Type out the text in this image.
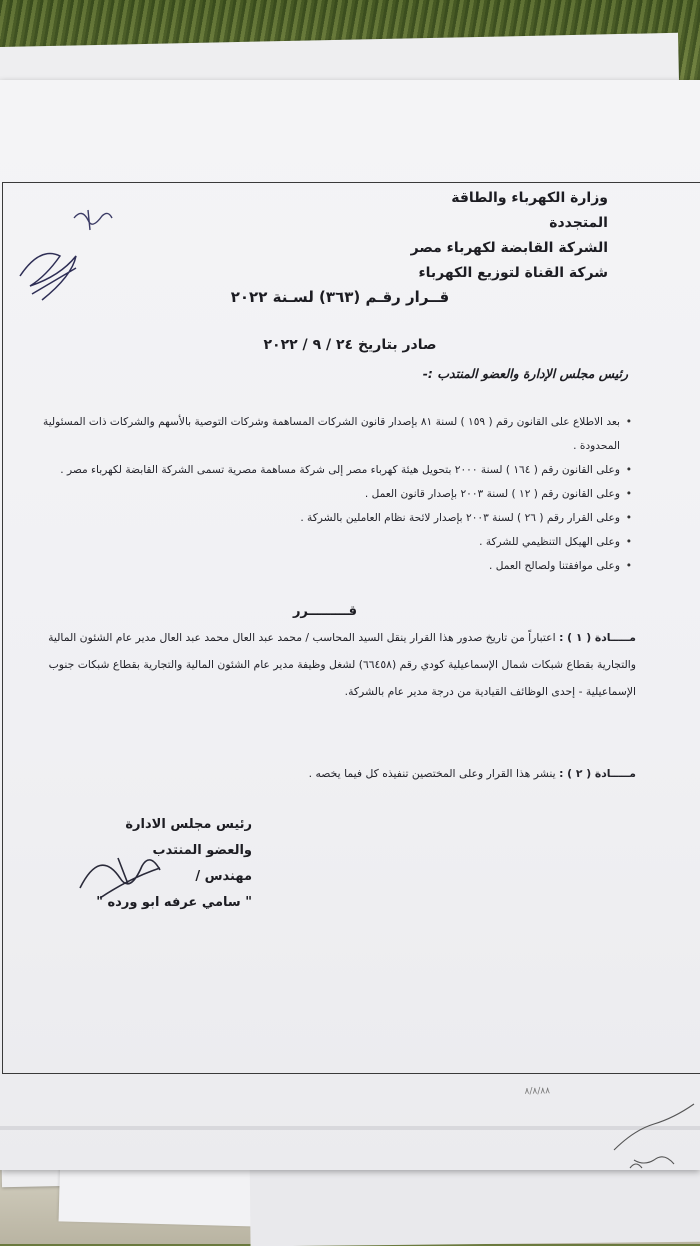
وزارة الكهرباء والطاقة المتجددة
الشركة القابضة لكهرباء مصر
شركة القناة لتوزيع الكهرباء
قــرار رقـم (٣٦٣) لسـنة ٢٠٢٢
صادر بتاريخ ٢٤ / ٩ / ٢٠٢٢
رئيس مجلس الإدارة والعضو المنتدب :-
• بعد الاطلاع على القانون رقم ( ١٥٩ ) لسنة ٨١ بإصدار قانون الشركات المساهمة وشركات التوصية بالأسهم والشركات ذات المسئولية المحدودة .
• وعلى القانون رقم ( ١٦٤ ) لسنة ٢٠٠٠ بتحويل هيئة كهرباء مصر إلى شركة مساهمة مصرية تسمى الشركة القابضة لكهرباء مصر .
• وعلى القانون رقم ( ١٢ ) لسنة ٢٠٠٣ بإصدار قانون العمل .
• وعلى القرار رقم ( ٢٦ ) لسنة ٢٠٠٣ بإصدار لائحة نظام العاملين بالشركة .
• وعلى الهيكل التنظيمي للشركة .
• وعلى موافقتنا ولصالح العمل .
قـــــــــرر
مـــــادة ( ١ ) : اعتباراً من تاريخ صدور هذا القرار ينقل السيد المحاسب / محمد عبد العال محمد عبد العال مدير عام الشئون المالية والتجارية بقطاع شبكات شمال الإسماعيلية كودي رقم (٦٦٤٥٨) لشغل وظيفة مدير عام الشئون المالية والتجارية بقطاع شبكات جنوب الإسماعيلية - إحدى الوظائف القيادية من درجة مدير عام بالشركة.
مـــــادة ( ٢ ) : ينشر هذا القرار وعلى المختصين تنفيذه كل فيما يخصه .
رئيس مجلس الادارة
والعضو المنتدب
مهندس /
" سامي عرفه ابو ورده "
٨/٨/٨٨
